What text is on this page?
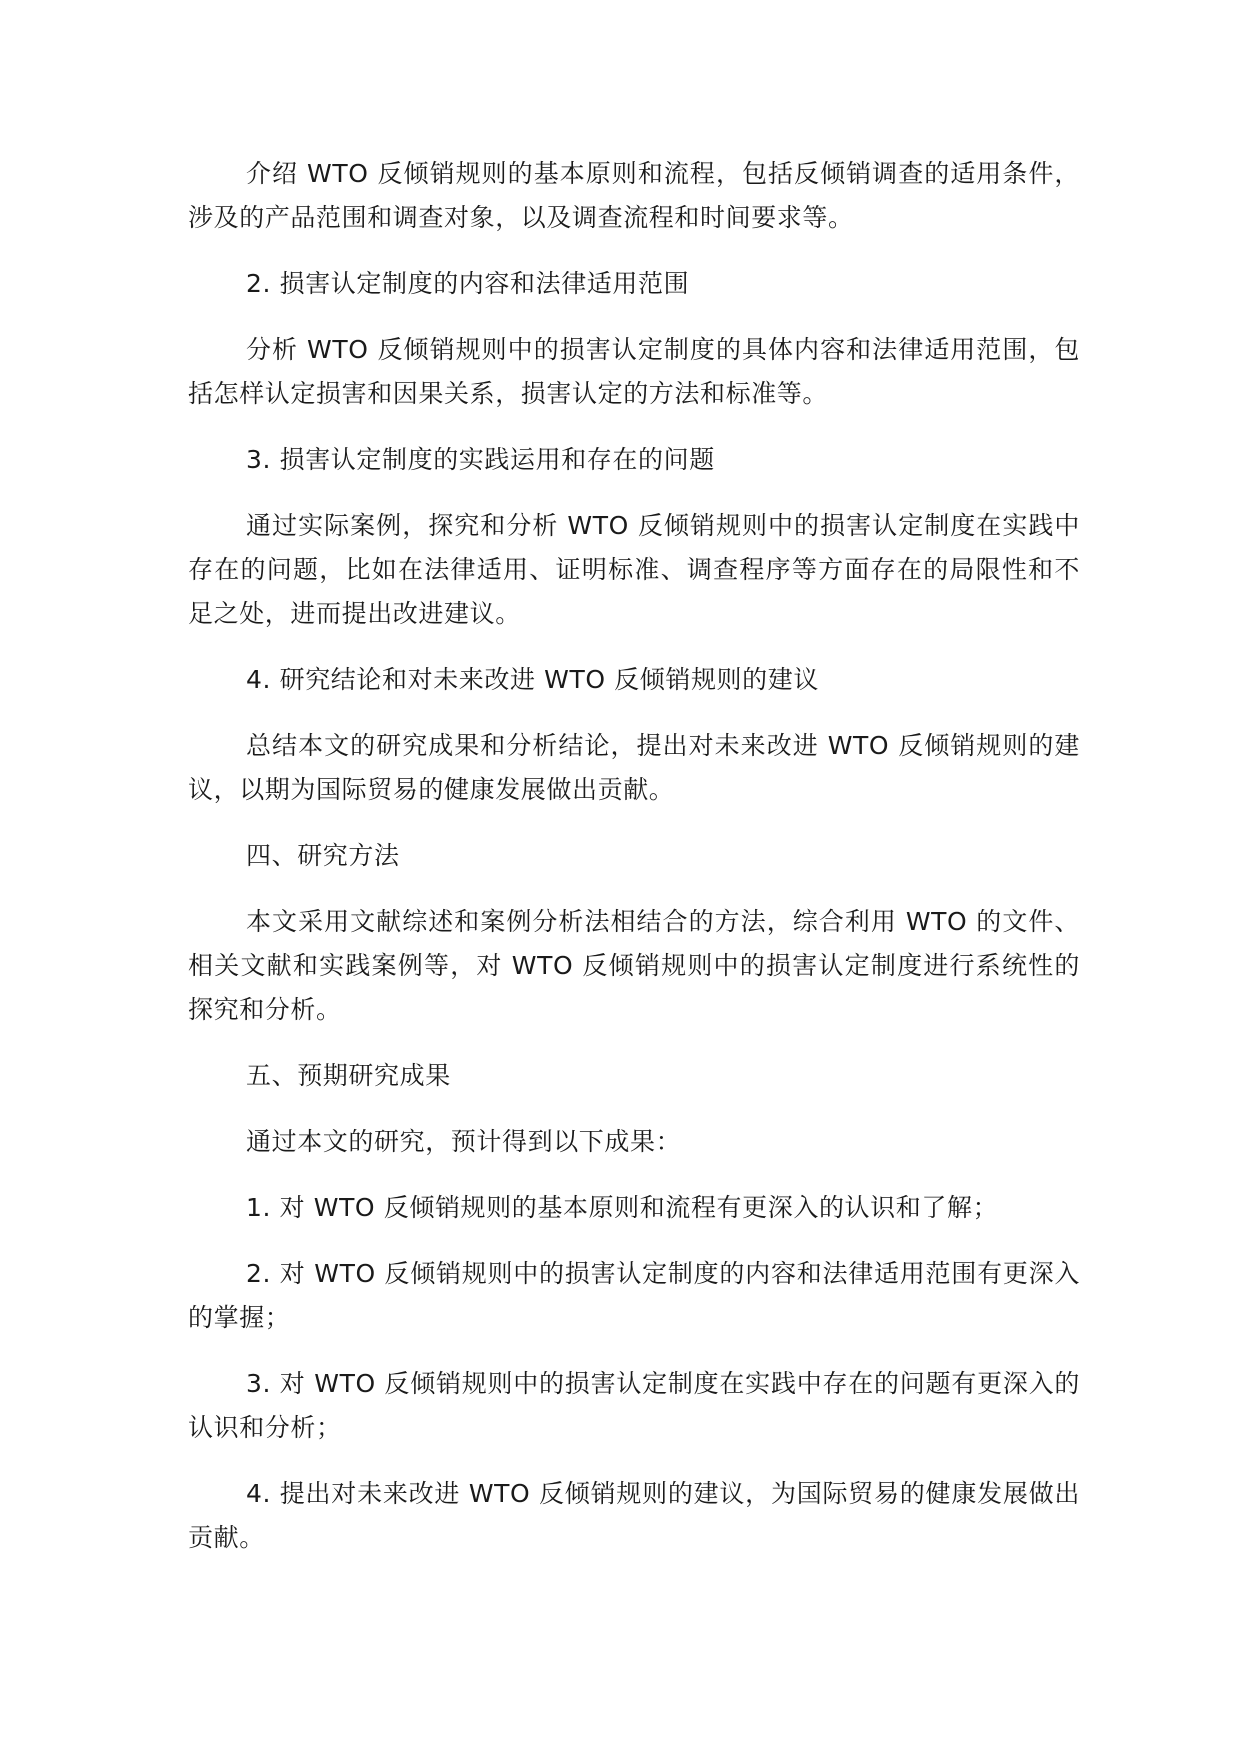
介绍 WTO 反倾销规则的基本原则和流程，包括反倾销调查的适用条件，涉及的产品范围和调查对象，以及调查流程和时间要求等。

2. 损害认定制度的内容和法律适用范围

分析 WTO 反倾销规则中的损害认定制度的具体内容和法律适用范围，包括怎样认定损害和因果关系，损害认定的方法和标准等。

3. 损害认定制度的实践运用和存在的问题

通过实际案例，探究和分析 WTO 反倾销规则中的损害认定制度在实践中存在的问题，比如在法律适用、证明标准、调查程序等方面存在的局限性和不足之处，进而提出改进建议。

4. 研究结论和对未来改进 WTO 反倾销规则的建议

总结本文的研究成果和分析结论，提出对未来改进 WTO 反倾销规则的建议，以期为国际贸易的健康发展做出贡献。

四、研究方法

本文采用文献综述和案例分析法相结合的方法，综合利用 WTO 的文件、相关文献和实践案例等，对 WTO 反倾销规则中的损害认定制度进行系统性的探究和分析。

五、预期研究成果

通过本文的研究，预计得到以下成果：

1. 对 WTO 反倾销规则的基本原则和流程有更深入的认识和了解；

2. 对 WTO 反倾销规则中的损害认定制度的内容和法律适用范围有更深入的掌握；

3. 对 WTO 反倾销规则中的损害认定制度在实践中存在的问题有更深入的认识和分析；

4. 提出对未来改进 WTO 反倾销规则的建议，为国际贸易的健康发展做出贡献。
